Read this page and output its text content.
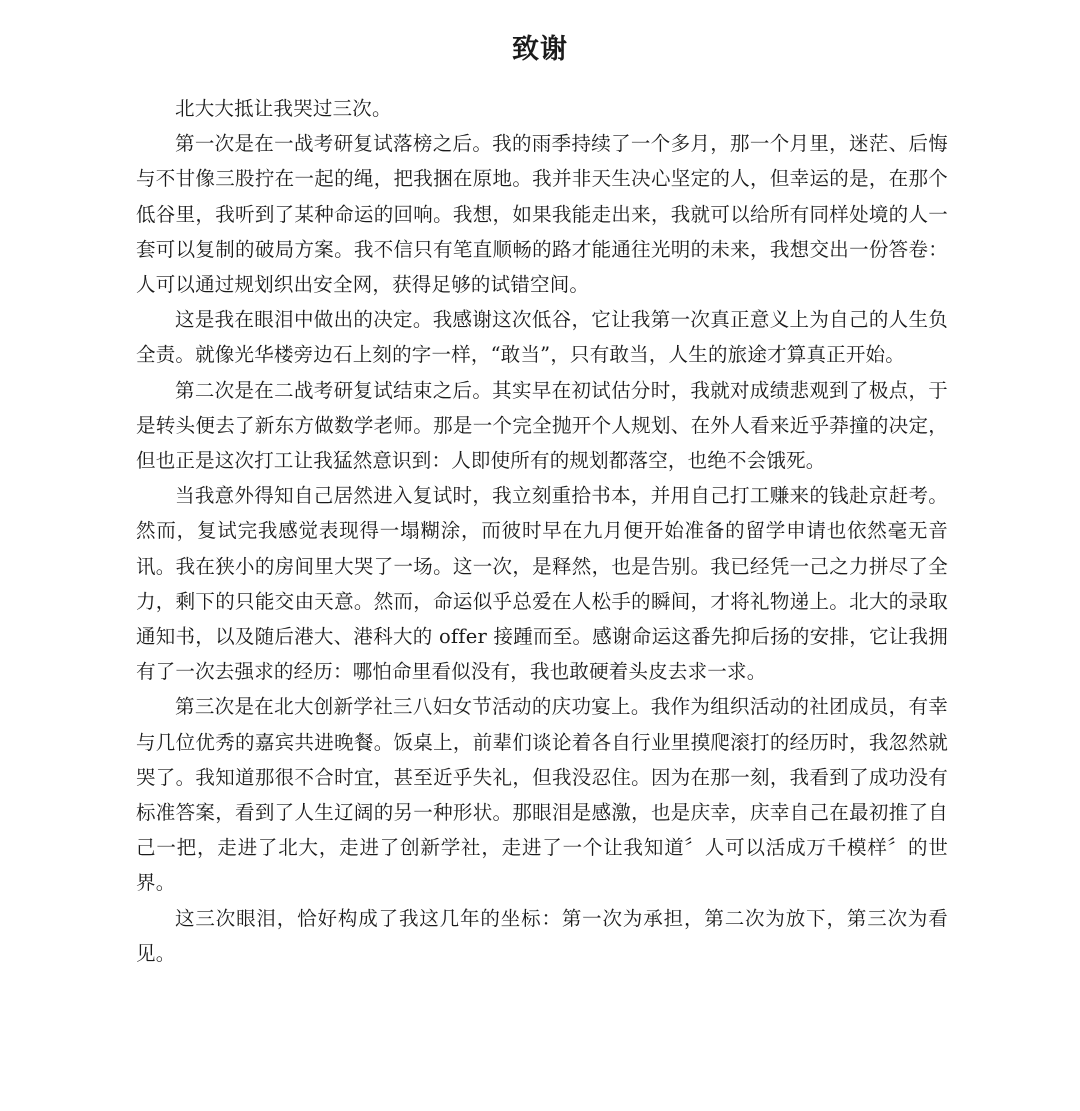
致谢

北大大抵让我哭过三次。

第一次是在一战考研复试落榜之后。我的雨季持续了一个多月，那一个月里，迷茫、后悔与不甘像三股拧在一起的绳，把我捆在原地。我并非天生决心坚定的人，但幸运的是，在那个低谷里，我听到了某种命运的回响。我想，如果我能走出来，我就可以给所有同样处境的人一套可以复制的破局方案。我不信只有笔直顺畅的路才能通往光明的未来，我想交出一份答卷：人可以通过规划织出安全网，获得足够的试错空间。

这是我在眼泪中做出的决定。我感谢这次低谷，它让我第一次真正意义上为自己的人生负全责。就像光华楼旁边石上刻的字一样，“敢当”，只有敢当，人生的旅途才算真正开始。

第二次是在二战考研复试结束之后。其实早在初试估分时，我就对成绩悲观到了极点，于是转头便去了新东方做数学老师。那是一个完全抛开个人规划、在外人看来近乎莽撞的决定，但也正是这次打工让我猛然意识到：人即使所有的规划都落空，也绝不会饿死。

当我意外得知自己居然进入复试时，我立刻重拾书本，并用自己打工赚来的钱赴京赶考。然而，复试完我感觉表现得一塌糊涂，而彼时早在九月便开始准备的留学申请也依然毫无音讯。我在狭小的房间里大哭了一场。这一次，是释然，也是告别。我已经凭一己之力拼尽了全力，剩下的只能交由天意。然而，命运似乎总爱在人松手的瞬间，才将礼物递上。北大的录取通知书，以及随后港大、港科大的 offer 接踵而至。感谢命运这番先抑后扬的安排，它让我拥有了一次去强求的经历：哪怕命里看似没有，我也敢硬着头皮去求一求。

第三次是在北大创新学社三八妇女节活动的庆功宴上。我作为组织活动的社团成员，有幸与几位优秀的嘉宾共进晚餐。饭桌上，前辈们谈论着各自行业里摸爬滚打的经历时，我忽然就哭了。我知道那很不合时宜，甚至近乎失礼，但我没忍住。因为在那一刻，我看到了成功没有标准答案，看到了人生辽阔的另一种形状。那眼泪是感激，也是庆幸，庆幸自己在最初推了自己一把，走进了北大，走进了创新学社，走进了一个让我知道〞人可以活成万千模样〞的世界。

这三次眼泪，恰好构成了我这几年的坐标：第一次为承担，第二次为放下，第三次为看见。
